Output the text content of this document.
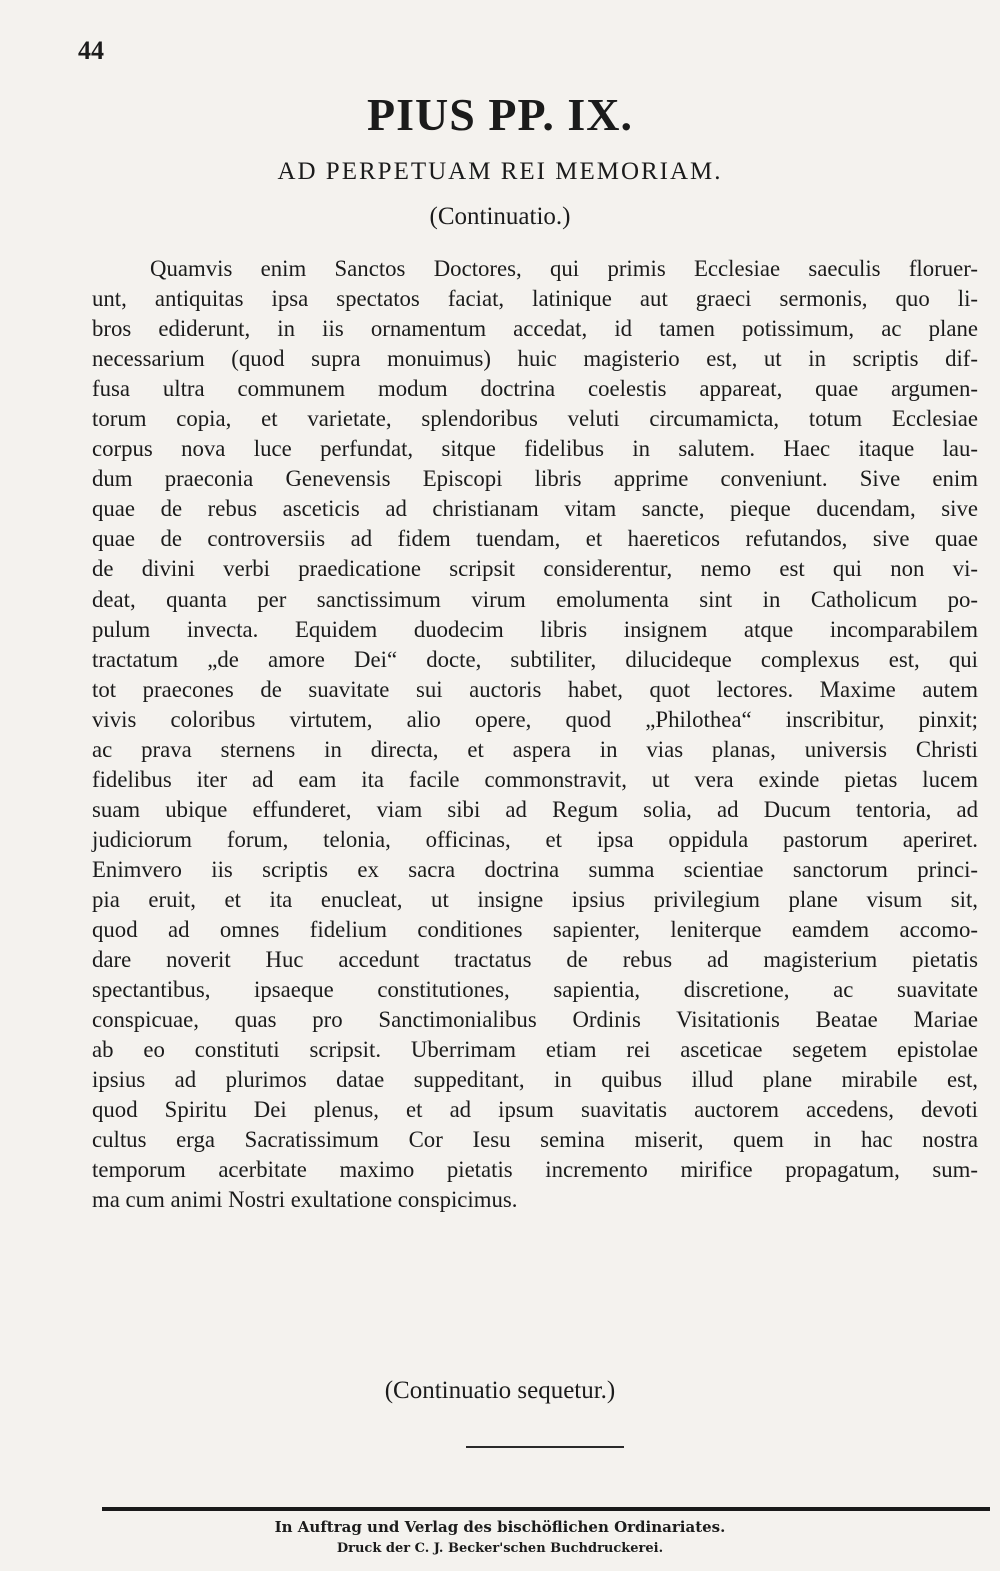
44
PIUS PP. IX.
AD PERPETUAM REI MEMORIAM.
(Continuatio.)
Quamvis enim Sanctos Doctores, qui primis Ecclesiae saeculis floruer-
unt, antiquitas ipsa spectatos faciat, latinique aut graeci sermonis, quo li-
bros ediderunt, in iis ornamentum accedat, id tamen potissimum, ac plane
necessarium (quod supra monuimus) huic magisterio est, ut in scriptis dif-
fusa ultra communem modum doctrina coelestis appareat, quae argumen-
torum copia, et varietate, splendoribus veluti circumamicta, totum Ecclesiae
corpus nova luce perfundat, sitque fidelibus in salutem. Haec itaque lau-
dum praeconia Genevensis Episcopi libris apprime conveniunt. Sive enim
quae de rebus asceticis ad christianam vitam sancte, pieque ducendam, sive
quae de controversiis ad fidem tuendam, et haereticos refutandos, sive quae
de divini verbi praedicatione scripsit considerentur, nemo est qui non vi-
deat, quanta per sanctissimum virum emolumenta sint in Catholicum po-
pulum invecta. Equidem duodecim libris insignem atque incomparabilem
tractatum „de amore Dei“ docte, subtiliter, dilucideque complexus est, qui
tot praecones de suavitate sui auctoris habet, quot lectores. Maxime autem
vivis coloribus virtutem, alio opere, quod „Philothea“ inscribitur, pinxit;
ac prava sternens in directa, et aspera in vias planas, universis Christi
fidelibus iter ad eam ita facile commonstravit, ut vera exinde pietas lucem
suam ubique effunderet, viam sibi ad Regum solia, ad Ducum tentoria, ad
judiciorum forum, telonia, officinas, et ipsa oppidula pastorum aperiret.
Enimvero iis scriptis ex sacra doctrina summa scientiae sanctorum princi-
pia eruit, et ita enucleat, ut insigne ipsius privilegium plane visum sit,
quod ad omnes fidelium conditiones sapienter, leniterque eamdem accomo-
dare noverit Huc accedunt tractatus de rebus ad magisterium pietatis
spectantibus, ipsaeque constitutiones, sapientia, discretione, ac suavitate
conspicuae, quas pro Sanctimonialibus Ordinis Visitationis Beatae Mariae
ab eo constituti scripsit. Uberrimam etiam rei asceticae segetem epistolae
ipsius ad plurimos datae suppeditant, in quibus illud plane mirabile est,
quod Spiritu Dei plenus, et ad ipsum suavitatis auctorem accedens, devoti
cultus erga Sacratissimum Cor Iesu semina miserit, quem in hac nostra
temporum acerbitate maximo pietatis incremento mirifice propagatum, sum-
ma cum animi Nostri exultatione conspicimus.
(Continuatio sequetur.)
In Auftrag und Verlag des bischöflichen Ordinariates.
Druck der C. J. Becker'schen Buchdruckerei.
